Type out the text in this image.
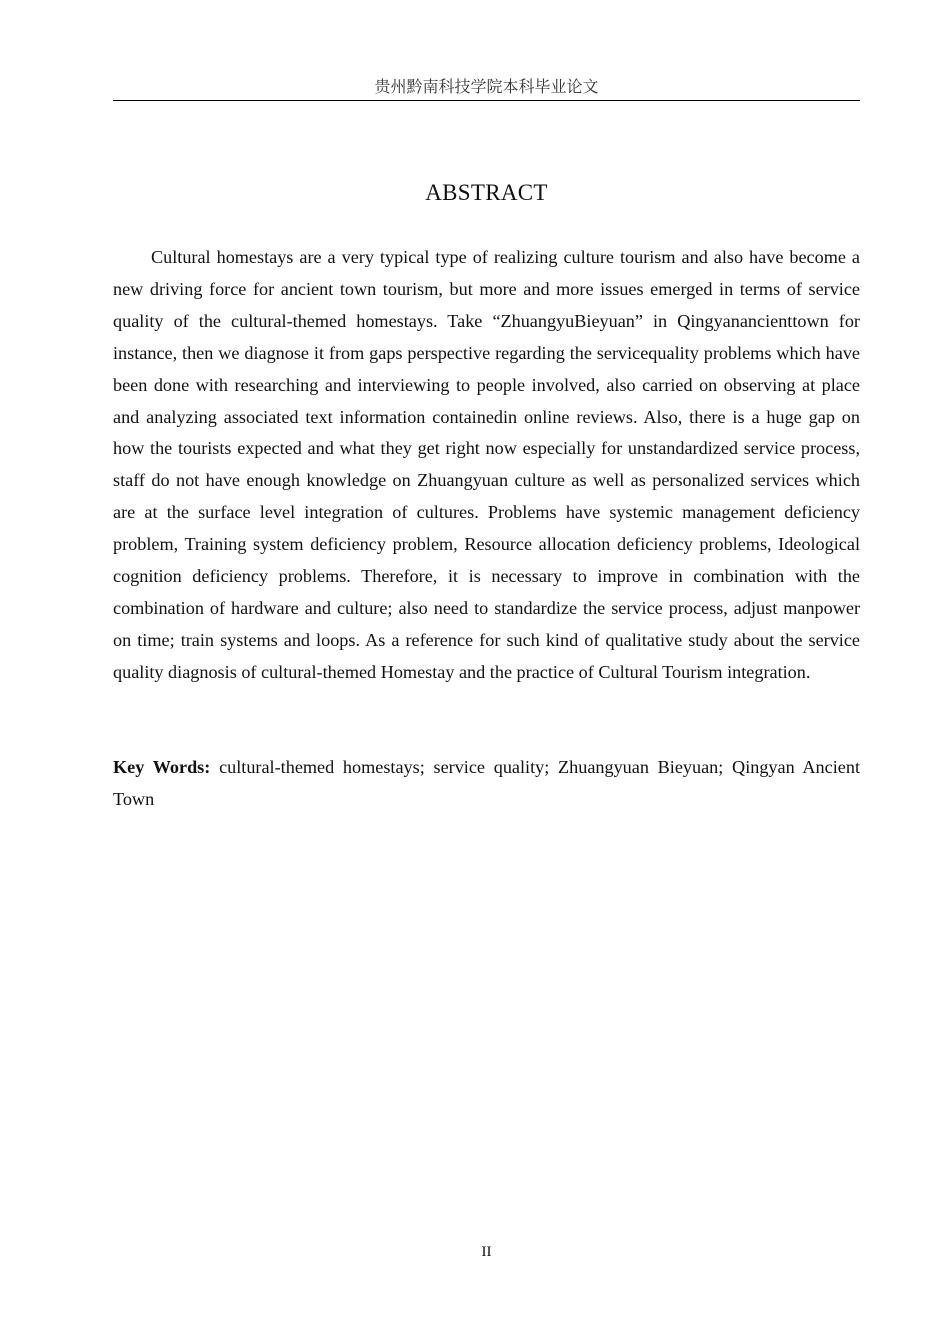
贵州黔南科技学院本科毕业论文
ABSTRACT

Cultural homestays are a very typical type of realizing culture tourism and also have become a new driving force for ancient town tourism, but more and more issues emerged in terms of service quality of the cultural-themed homestays. Take “ZhuangyuBieyuan” in Qingyanancienttown for instance, then we diagnose it from gaps perspective regarding the servicequality problems which have been done with researching and interviewing to people involved, also carried on observing at place and analyzing associated text information containedin online reviews. Also, there is a huge gap on how the tourists expected and what they get right now especially for unstandardized service process, staff do not have enough knowledge on Zhuangyuan culture as well as personalized services which are at the surface level integration of cultures. Problems have systemic management deficiency problem, Training system deficiency problem, Resource allocation deficiency problems, Ideological cognition deficiency problems. Therefore, it is necessary to improve in combination with the combination of hardware and culture; also need to standardize the service process, adjust manpower on time; train systems and loops. As a reference for such kind of qualitative study about the service quality diagnosis of cultural-themed Homestay and the practice of Cultural Tourism integration.

Key Words: cultural-themed homestays; service quality; Zhuangyuan Bieyuan; Qingyan Ancient Town

II
